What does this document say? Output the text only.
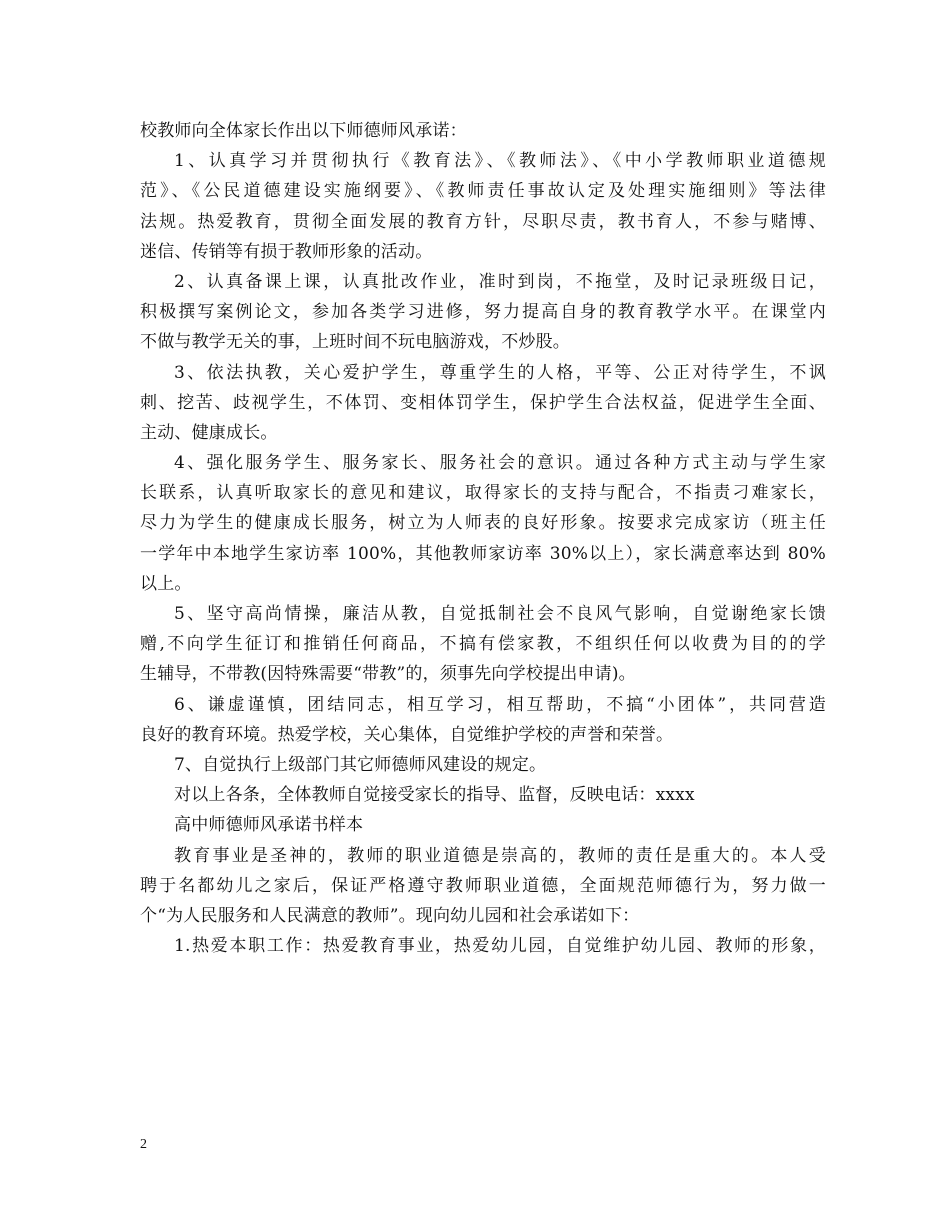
校教师向全体家长作出以下师德师风承诺：
1、认真学习并贯彻执行《教育法》、《教师法》、《中小学教师职业道德规
范》、《公民道德建设实施纲要》、《教师责任事故认定及处理实施细则》等法律
法规。热爱教育，贯彻全面发展的教育方针，尽职尽责，教书育人，不参与赌博、
迷信、传销等有损于教师形象的活动。
2、认真备课上课，认真批改作业，准时到岗，不拖堂，及时记录班级日记，
积极撰写案例论文，参加各类学习进修，努力提高自身的教育教学水平。在课堂内
不做与教学无关的事，上班时间不玩电脑游戏，不炒股。
3、依法执教，关心爱护学生，尊重学生的人格，平等、公正对待学生，不讽
刺、挖苦、歧视学生，不体罚、变相体罚学生，保护学生合法权益，促进学生全面、
主动、健康成长。
4、强化服务学生、服务家长、服务社会的意识。通过各种方式主动与学生家
长联系，认真听取家长的意见和建议，取得家长的支持与配合，不指责刁难家长，
尽力为学生的健康成长服务，树立为人师表的良好形象。按要求完成家访（班主任
一学年中本地学生家访率 100%，其他教师家访率 30%以上），家长满意率达到 80%
以上。
5、坚守高尚情操，廉洁从教，自觉抵制社会不良风气影响，自觉谢绝家长馈
赠,不向学生征订和推销任何商品，不搞有偿家教，不组织任何以收费为目的的学
生辅导，不带教(因特殊需要“带教”的，须事先向学校提出申请)。
6、谦虚谨慎，团结同志，相互学习，相互帮助，不搞“小团体”，共同营造
良好的教育环境。热爱学校，关心集体，自觉维护学校的声誉和荣誉。
7、自觉执行上级部门其它师德师风建设的规定。
对以上各条，全体教师自觉接受家长的指导、监督，反映电话：xxxx
高中师德师风承诺书样本
教育事业是圣神的，教师的职业道德是崇高的，教师的责任是重大的。本人受
聘于名都幼儿之家后，保证严格遵守教师职业道德，全面规范师德行为，努力做一
个“为人民服务和人民满意的教师”。现向幼儿园和社会承诺如下：
1.热爱本职工作：热爱教育事业，热爱幼儿园，自觉维护幼儿园、教师的形象，
2
